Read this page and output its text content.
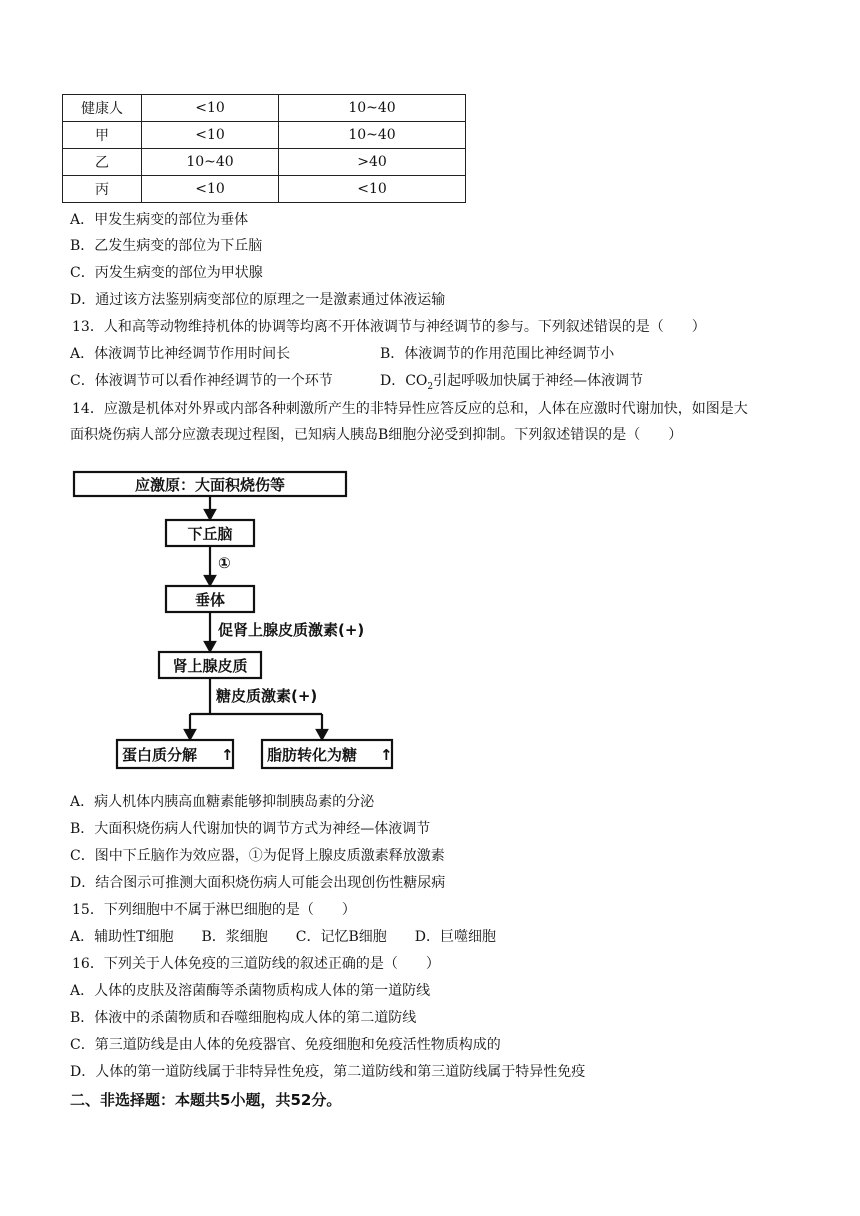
健康人	<10	10~40
甲	<10	10~40
乙	10~40	>40
丙	<10	<10
A．甲发生病变的部位为垂体
B．乙发生病变的部位为下丘脑
C．丙发生病变的部位为甲状腺
D．通过该方法鉴别病变部位的原理之一是激素通过体液运输
13．人和高等动物维持机体的协调等均离不开体液调节与神经调节的参与。下列叙述错误的是（　　）
A．体液调节比神经调节作用时间长	B．体液调节的作用范围比神经调节小
C．体液调节可以看作神经调节的一个环节	D．$CO_2$引起呼吸加快属于神经—体液调节
14．应激是机体对外界或内部各种刺激所产生的非特异性应答反应的总和，人体在应激时代谢加快，如图是大
面积烧伤病人部分应激表现过程图，已知病人胰岛B细胞分泌受到抑制。下列叙述错误的是（　　）
应激原：大面积烧伤等
下丘脑
①
垂体
促肾上腺皮质激素(+)
肾上腺皮质
糖皮质激素(+)
蛋白质分解 ↑ 脂肪转化为糖 ↑
A．病人机体内胰高血糖素能够抑制胰岛素的分泌
B．大面积烧伤病人代谢加快的调节方式为神经—体液调节
C．图中下丘脑作为效应器，①为促肾上腺皮质激素释放激素
D．结合图示可推测大面积烧伤病人可能会出现创伤性糖尿病
15．下列细胞中不属于淋巴细胞的是（　　）
A．辅助性T细胞　　B．浆细胞　　C．记忆B细胞　　D．巨噬细胞
16．下列关于人体免疫的三道防线的叙述正确的是（　　）
A．人体的皮肤及溶菌酶等杀菌物质构成人体的第一道防线
B．体液中的杀菌物质和吞噬细胞构成人体的第二道防线
C．第三道防线是由人体的免疫器官、免疫细胞和免疫活性物质构成的
D．人体的第一道防线属于非特异性免疫，第二道防线和第三道防线属于特异性免疫
二、非选择题：本题共5小题，共52分。
